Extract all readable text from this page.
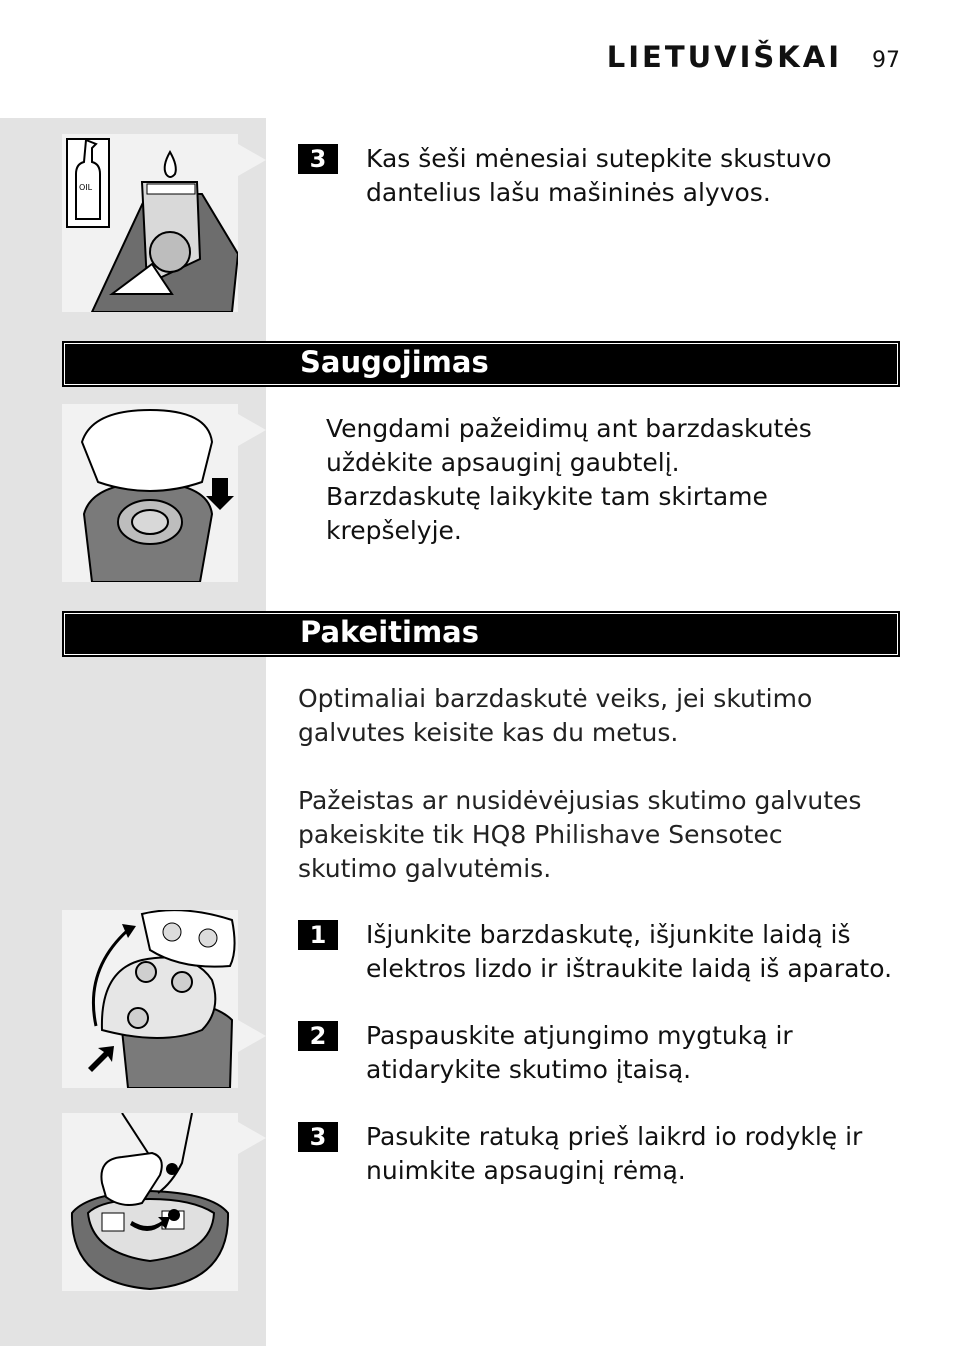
LIETUVIŠKAI 97
OIL
3	Kas šeši mėnesiai sutepkite skustuvo dantelius lašu mašininės alyvos.
Saugojimas
Vengdami pažeidimų ant barzdaskutės
uždėkite apsauginį gaubtelį.
Barzdaskutę laikykite tam skirtame krepšelyje.
Pakeitimas
Optimaliai barzdaskutė veiks, jei skutimo galvutes keisite kas du metus.
Pažeistas ar nusidėvėjusias skutimo galvutes pakeiskite tik HQ8 Philishave Sensotec skutimo galvutėmis.
1	Išjunkite barzdaskutę, išjunkite laidą iš elektros lizdo ir ištraukite laidą iš aparato.
2	Paspauskite atjungimo mygtuką ir atidarykite skutimo įtaisą.
3	Pasukite ratuką prieš laikrd io rodyklę ir nuimkite apsauginį rėmą.
